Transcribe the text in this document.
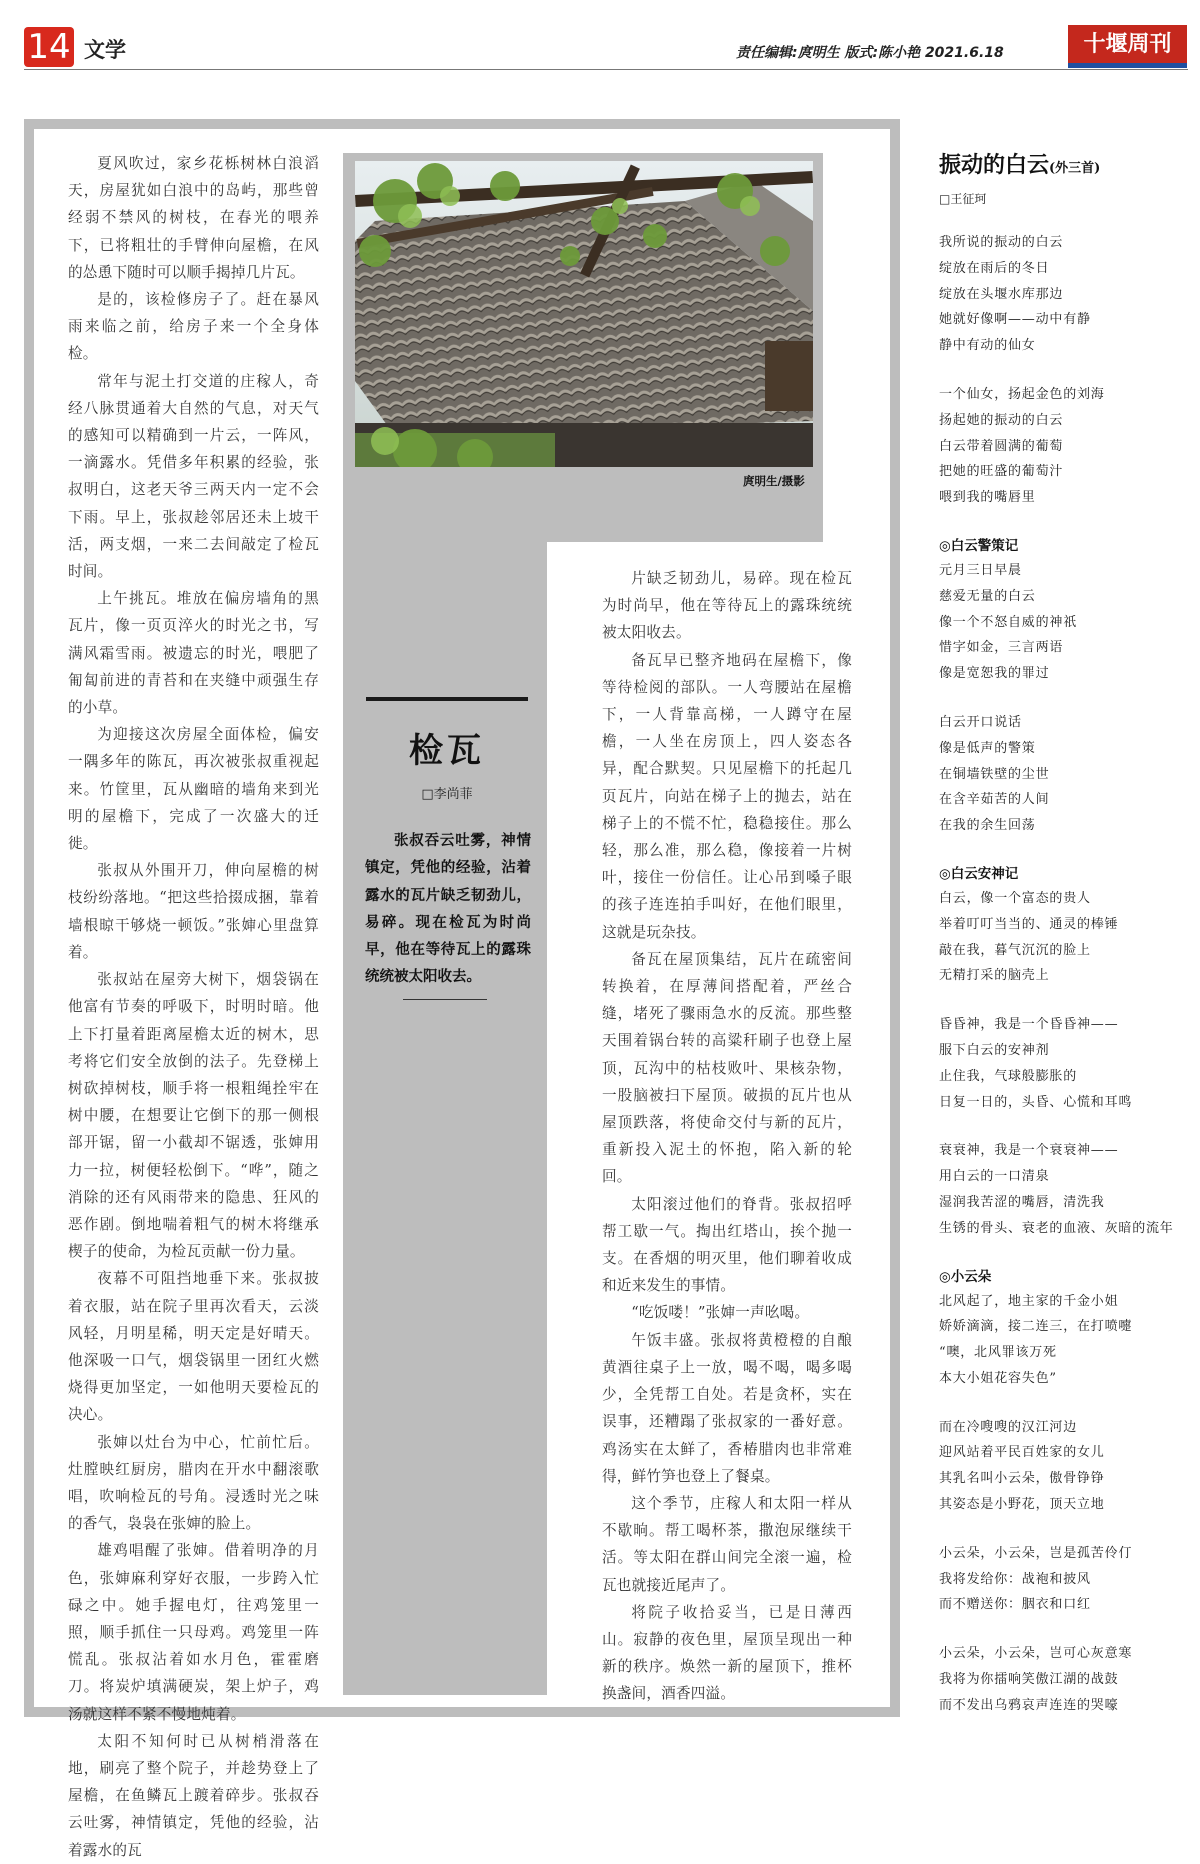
14 文学	责任编辑:庹明生 版式:陈小艳 2021.6.18	十堰周刊

夏风吹过，家乡花栎树林白浪滔天，房屋犹如白浪中的岛屿，那些曾经弱不禁风的树枝，在春光的喂养下，已将粗壮的手臂伸向屋檐，在风的怂恿下随时可以顺手揭掉几片瓦。

是的，该检修房子了。赶在暴风雨来临之前，给房子来一个全身体检。

常年与泥土打交道的庄稼人，奇经八脉贯通着大自然的气息，对天气的感知可以精确到一片云，一阵风，一滴露水。凭借多年积累的经验，张叔明白，这老天爷三两天内一定不会下雨。早上，张叔趁邻居还未上坡干活，两支烟，一来二去间敲定了检瓦时间。

上午挑瓦。堆放在偏房墙角的黑瓦片，像一页页淬火的时光之书，写满风霜雪雨。被遗忘的时光，喂肥了匍匐前进的青苔和在夹缝中顽强生存的小草。

为迎接这次房屋全面体检，偏安一隅多年的陈瓦，再次被张叔重视起来。竹筐里，瓦从幽暗的墙角来到光明的屋檐下，完成了一次盛大的迁徙。

张叔从外围开刀，伸向屋檐的树枝纷纷落地。“把这些拾掇成捆，靠着墙根晾干够烧一顿饭。”张婶心里盘算着。

张叔站在屋旁大树下，烟袋锅在他富有节奏的呼吸下，时明时暗。他上下打量着距离屋檐太近的树木，思考将它们安全放倒的法子。先登梯上树砍掉树枝，顺手将一根粗绳拴牢在树中腰，在想要让它倒下的那一侧根部开锯，留一小截却不锯透，张婶用力一拉，树便轻松倒下。“哗”，随之消除的还有风雨带来的隐患、狂风的恶作剧。倒地喘着粗气的树木将继承楔子的使命，为检瓦贡献一份力量。

夜幕不可阻挡地垂下来。张叔披着衣服，站在院子里再次看天，云淡风轻，月明星稀，明天定是好晴天。他深吸一口气，烟袋锅里一团红火燃烧得更加坚定，一如他明天要检瓦的决心。

张婶以灶台为中心，忙前忙后。灶膛映红厨房，腊肉在开水中翻滚歌唱，吹响检瓦的号角。浸透时光之味的香气，袅袅在张婶的脸上。

雄鸡唱醒了张婶。借着明净的月色，张婶麻利穿好衣服，一步跨入忙碌之中。她手握电灯，往鸡笼里一照，顺手抓住一只母鸡。鸡笼里一阵慌乱。张叔沾着如水月色，霍霍磨刀。将炭炉填满硬炭，架上炉子，鸡汤就这样不紧不慢地炖着。

太阳不知何时已从树梢滑落在地，刷亮了整个院子，并趁势登上了屋檐，在鱼鳞瓦上踱着碎步。张叔吞云吐雾，神情镇定，凭他的经验，沾着露水的瓦

庹明生/摄影
检瓦
□李尚菲

张叔吞云吐雾，神情镇定，凭他的经验，沾着露水的瓦片缺乏韧劲儿，易碎。现在检瓦为时尚早，他在等待瓦上的露珠统统被太阳收去。

片缺乏韧劲儿，易碎。现在检瓦为时尚早，他在等待瓦上的露珠统统被太阳收去。

备瓦早已整齐地码在屋檐下，像等待检阅的部队。一人弯腰站在屋檐下，一人背靠高梯，一人蹲守在屋檐，一人坐在房顶上，四人姿态各异，配合默契。只见屋檐下的托起几页瓦片，向站在梯子上的抛去，站在梯子上的不慌不忙，稳稳接住。那么轻，那么准，那么稳，像接着一片树叶，接住一份信任。让心吊到嗓子眼的孩子连连拍手叫好，在他们眼里，这就是玩杂技。

备瓦在屋顶集结，瓦片在疏密间转换着，在厚薄间搭配着，严丝合缝，堵死了骤雨急水的反流。那些整天围着锅台转的高粱秆刷子也登上屋顶，瓦沟中的枯枝败叶、果核杂物，一股脑被扫下屋顶。破损的瓦片也从屋顶跌落，将使命交付与新的瓦片，重新投入泥土的怀抱，陷入新的轮回。

太阳滚过他们的脊背。张叔招呼帮工歇一气。掏出红塔山，挨个抛一支。在香烟的明灭里，他们聊着收成和近来发生的事情。

“吃饭喽！”张婶一声吆喝。

午饭丰盛。张叔将黄橙橙的自酿黄酒往桌子上一放，喝不喝，喝多喝少，全凭帮工自处。若是贪杯，实在误事，还糟蹋了张叔家的一番好意。鸡汤实在太鲜了，香椿腊肉也非常难得，鲜竹笋也登上了餐桌。

这个季节，庄稼人和太阳一样从不歇晌。帮工喝杯茶，撒泡尿继续干活。等太阳在群山间完全滚一遍，检瓦也就接近尾声了。

将院子收拾妥当，已是日薄西山。寂静的夜色里，屋顶呈现出一种新的秩序。焕然一新的屋顶下，推杯换盏间，酒香四溢。

振动的白云(外三首)
□王征珂
我所说的振动的白云
绽放在雨后的冬日
绽放在头堰水库那边
她就好像啊——动中有静
静中有动的仙女
一个仙女，扬起金色的刘海
扬起她的振动的白云
白云带着圆满的葡萄
把她的旺盛的葡萄汁
喂到我的嘴唇里
◎白云警策记
元月三日早晨
慈爱无量的白云
像一个不怒自威的神祇
惜字如金，三言两语
像是宽恕我的罪过
白云开口说话
像是低声的警策
在铜墙铁壁的尘世
在含辛茹苦的人间
在我的余生回荡
◎白云安神记
白云，像一个富态的贵人
举着叮叮当当的、通灵的棒锤
敲在我，暮气沉沉的脸上
无精打采的脑壳上
昏昏神，我是一个昏昏神——
服下白云的安神剂
止住我，气球般膨胀的
日复一日的，头昏、心慌和耳鸣
衰衰神，我是一个衰衰神——
用白云的一口清泉
湿润我苦涩的嘴唇，清洗我
生锈的骨头、衰老的血液、灰暗的流年
◎小云朵
北风起了，地主家的千金小姐
娇娇滴滴，接二连三，在打喷嚏
“噢，北风罪该万死
本大小姐花容失色”
而在冷嗖嗖的汉江河边
迎风站着平民百姓家的女儿
其乳名叫小云朵，傲骨铮铮
其姿态是小野花，顶天立地
小云朵，小云朵，岂是孤苦伶仃
我将发给你：战袍和披风
而不赠送你：胭衣和口红
小云朵，小云朵，岂可心灰意寒
我将为你擂响笑傲江湖的战鼓
而不发出乌鸦哀声连连的哭嚎
